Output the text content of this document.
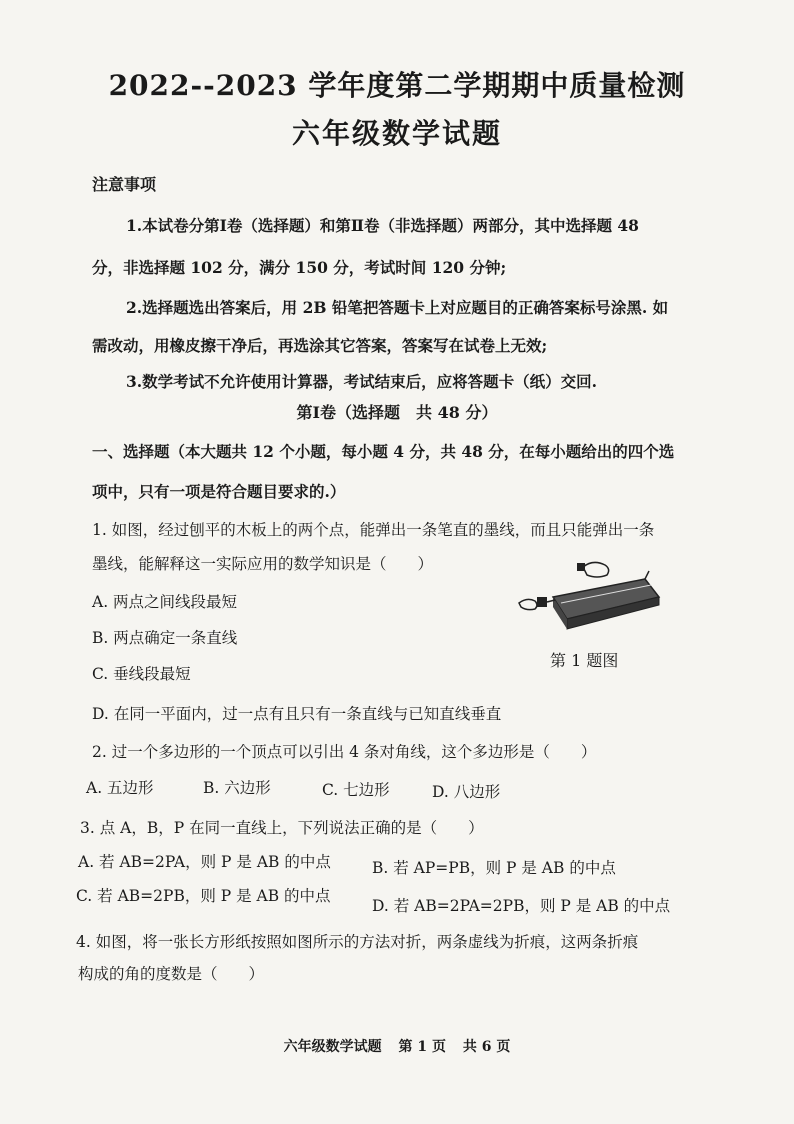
2022--2023 学年度第二学期期中质量检测
六年级数学试题
注意事项
1.本试卷分第Ⅰ卷（选择题）和第Ⅱ卷（非选择题）两部分，其中选择题 48
分，非选择题 102 分，满分 150 分，考试时间 120 分钟;
2.选择题选出答案后，用 2B 铅笔把答题卡上对应题目的正确答案标号涂黑. 如
需改动，用橡皮擦干净后，再选涂其它答案，答案写在试卷上无效;
3.数学考试不允许使用计算器，考试结束后，应将答题卡（纸）交回.
第Ⅰ卷（选择题　共 48 分）
一、选择题（本大题共 12 个小题，每小题 4 分，共 48 分，在每小题给出的四个选
项中，只有一项是符合题目要求的.）
1. 如图，经过刨平的木板上的两个点，能弹出一条笔直的墨线，而且只能弹出一条
墨线，能解释这一实际应用的数学知识是（　　）
A. 两点之间线段最短
B. 两点确定一条直线
C. 垂线段最短
D. 在同一平面内，过一点有且只有一条直线与已知直线垂直
第 1 题图
2. 过一个多边形的一个顶点可以引出 4 条对角线，这个多边形是（　　）
A. 五边形	B. 六边形	C. 七边形	D. 八边形
3. 点 A，B，P 在同一直线上，下列说法正确的是（　　）
A. 若 AB=2PA，则 P 是 AB 的中点	B. 若 AP=PB，则 P 是 AB 的中点
C. 若 AB=2PB，则 P 是 AB 的中点
D. 若 AB=2PA=2PB，则 P 是 AB 的中点
4. 如图，将一张长方形纸按照如图所示的方法对折，两条虚线为折痕，这两条折痕
构成的角的度数是（　　）
六年级数学试题 第 1 页 共 6 页
